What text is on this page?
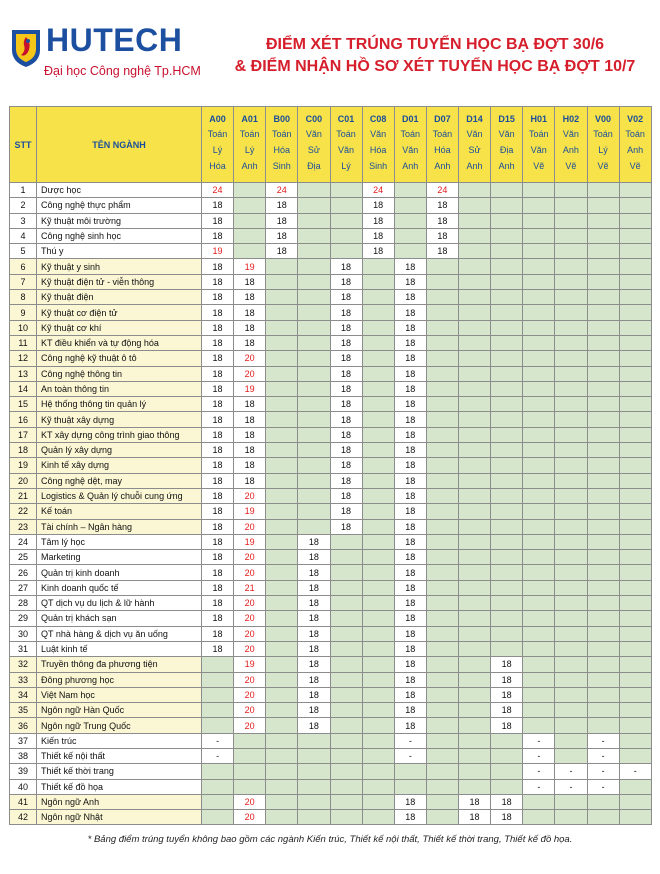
HUTECH
Đại học Công nghệ Tp.HCM
ĐIỂM XÉT TRÚNG TUYỂN HỌC BẠ ĐỢT 30/6
& ĐIỂM NHẬN HỒ SƠ XÉT TUYỂN HỌC BẠ ĐỢT 10/7
STT	TÊN NGÀNH	A00
Toán
Lý
Hóa	A01
Toán
Lý
Anh	B00
Toán
Hóa
Sinh	C00
Văn
Sử
Địa	C01
Toán
Văn
Lý	C08
Văn
Hóa
Sinh	D01
Toán
Văn
Anh	D07
Toán
Hóa
Anh	D14
Văn
Sử
Anh	D15
Văn
Địa
Anh	H01
Toán
Văn
Vẽ	H02
Văn
Anh
Vẽ	V00
Toán
Lý
Vẽ	V02
Toán
Anh
Vẽ

1	Dược học	24		24			24		24						
2	Công nghệ thực phẩm	18		18			18		18						
3	Kỹ thuật môi trường	18		18			18		18						
4	Công nghệ sinh học	18		18			18		18						
5	Thú y	19		18			18		18						
6	Kỹ thuật y sinh	18	19			18		18							
7	Kỹ thuật điện tử - viễn thông	18	18			18		18							
8	Kỹ thuật điện	18	18			18		18							
9	Kỹ thuật cơ điện tử	18	18			18		18							
10	Kỹ thuật cơ khí	18	18			18		18							
11	KT điều khiển và tự động hóa	18	18			18		18							
12	Công nghệ kỹ thuật ô tô	18	20			18		18							
13	Công nghệ thông tin	18	20			18		18							
14	An toàn thông tin	18	19			18		18							
15	Hệ thống thông tin quản lý	18	18			18		18							
16	Kỹ thuật xây dựng	18	18			18		18							
17	KT xây dựng công trình giao thông	18	18			18		18							
18	Quản lý xây dựng	18	18			18		18							
19	Kinh tế xây dựng	18	18			18		18							
20	Công nghệ dệt, may	18	18			18		18							
21	Logistics & Quản lý chuỗi cung ứng	18	20			18		18							
22	Kế toán	18	19			18		18							
23	Tài chính – Ngân hàng	18	20			18		18							
24	Tâm lý học	18	19		18			18							
25	Marketing	18	20		18			18							
26	Quản trị kinh doanh	18	20		18			18							
27	Kinh doanh quốc tế	18	21		18			18							
28	QT dịch vụ du lịch & lữ hành	18	20		18			18							
29	Quản trị khách sạn	18	20		18			18							
30	QT nhà hàng & dịch vụ ăn uống	18	20		18			18							
31	Luật kinh tế	18	20		18			18							
32	Truyền thông đa phương tiện		19		18			18			18				
33	Đông phương học		20		18			18			18				
34	Việt Nam học		20		18			18			18				
35	Ngôn ngữ Hàn Quốc		20		18			18			18				
36	Ngôn ngữ Trung Quốc		20		18			18			18				
37	Kiến trúc	-						-				-		-	
38	Thiết kế nội thất	-						-				-		-	
39	Thiết kế thời trang											-	-	-	-
40	Thiết kế đồ họa											-	-	-	
41	Ngôn ngữ Anh		20					18		18	18				
42	Ngôn ngữ Nhật		20					18		18	18				
* Bảng điểm trúng tuyển không bao gồm các ngành Kiến trúc, Thiết kế nội thất, Thiết kế thời trang, Thiết kế đồ họa.
